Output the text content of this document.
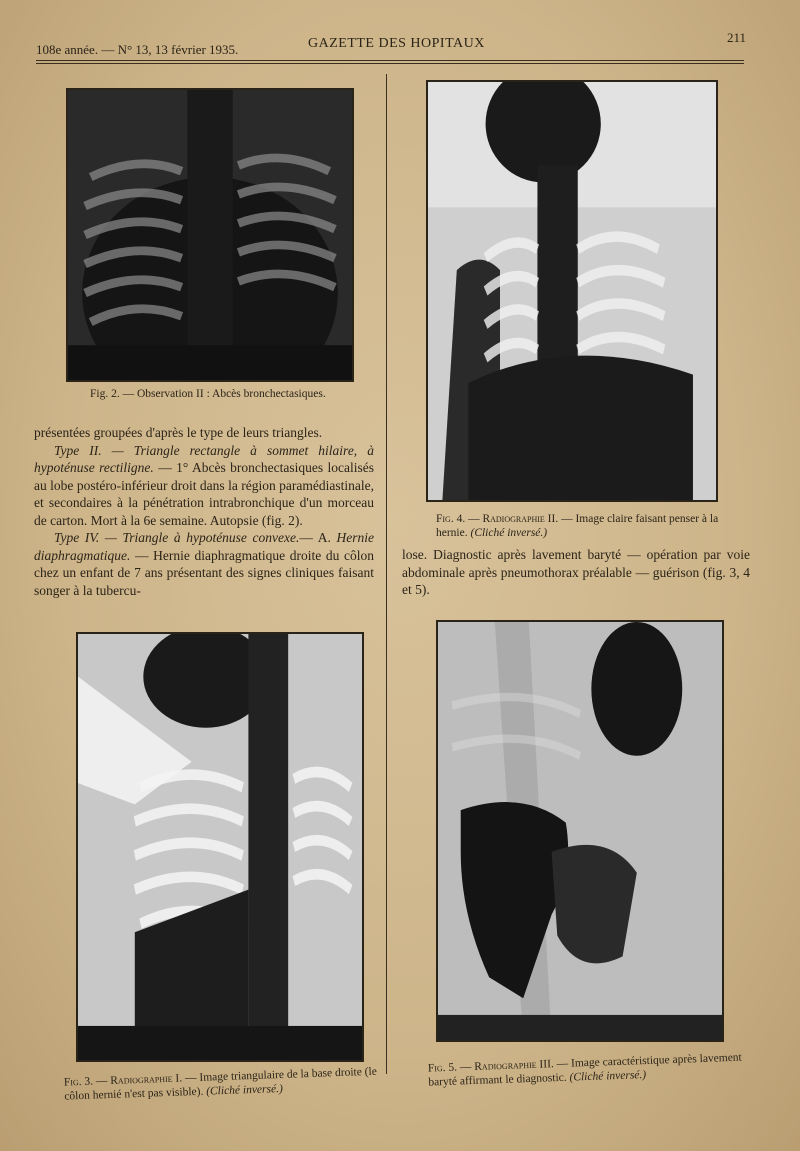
108e année. — N° 13, 13 février 1935.	GAZETTE DES HOPITAUX	211
Fig. 2. — Observation II : Abcès bronchectasiques.
Fig. 4. — Radiographie II. — Image claire faisant penser à la hernie. (Cliché inversé.)

présentées groupées d'après le type de leurs triangles.

Type II. — Triangle rectangle à sommet hilaire, à hypoténuse rectiligne. — 1° Abcès bronchectasiques localisés au lobe postéro-inférieur droit dans la région paramédiastinale, et secondaires à la pénétration intrabronchique d'un morceau de carton. Mort à la 6e semaine. Autopsie (fig. 2).

Type IV. — Triangle à hypoténuse convexe.— A. Hernie diaphragmatique. — Hernie diaphragmatique droite du côlon chez un enfant de 7 ans présentant des signes cliniques faisant songer à la tubercu-

lose. Diagnostic après lavement baryté — opération par voie abdominale après pneumothorax préalable — guérison (fig. 3, 4 et 5).
Fig. 3. — Radiographie I. — Image triangulaire de la base droite (le côlon hernié n'est pas visible). (Cliché inversé.)
Fig. 5. — Radiographie III. — Image caractéristique après lavement baryté affirmant le diagnostic. (Cliché inversé.)
